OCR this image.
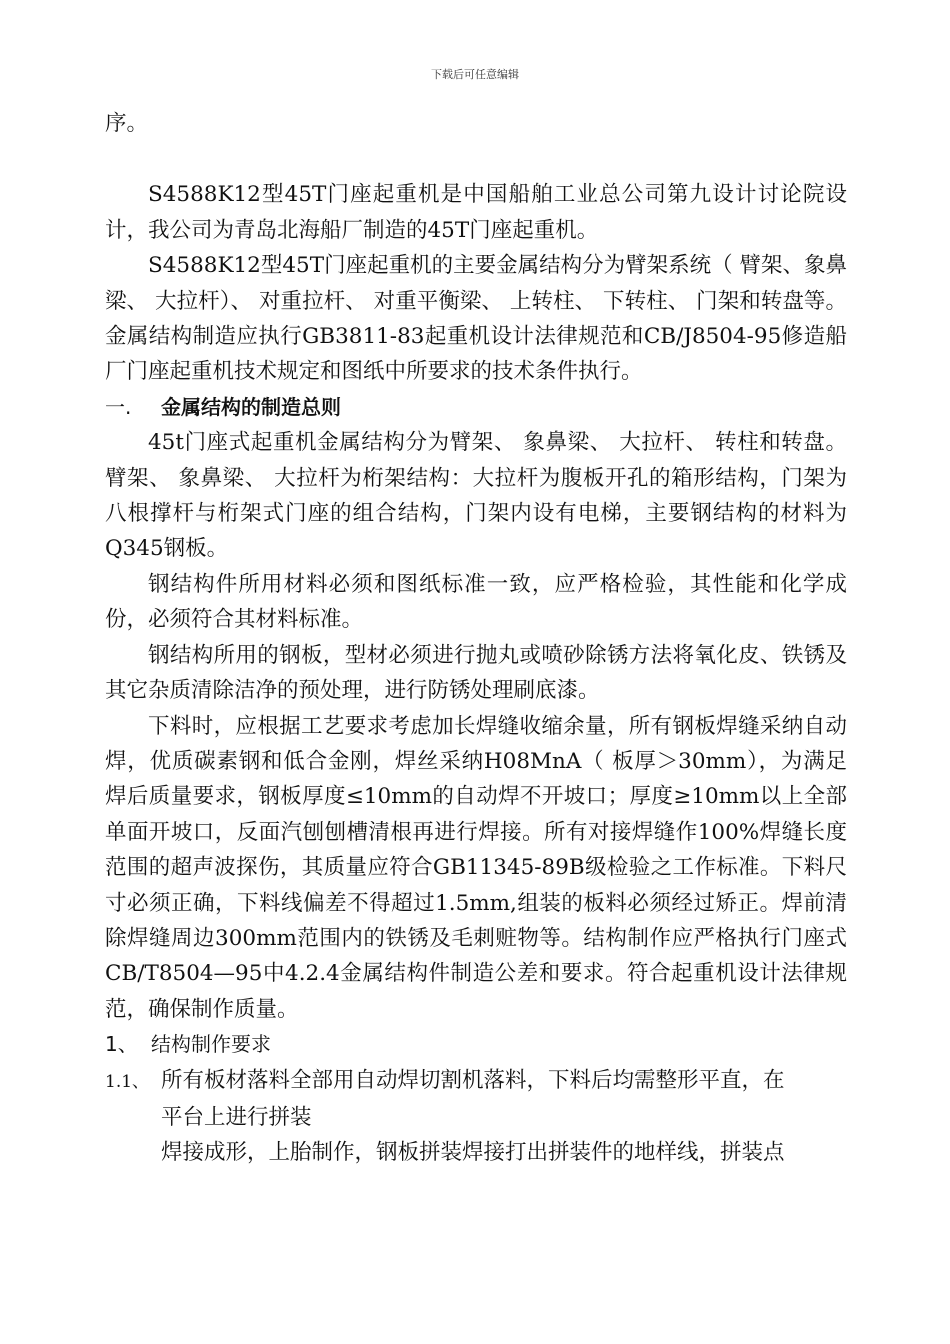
下载后可任意编辑

序。

S4588K12型45T门座起重机是中国船舶工业总公司第九设计讨论院设计，我公司为青岛北海船厂制造的45T门座起重机。

S4588K12型45T门座起重机的主要金属结构分为臂架系统（ 臂架、象鼻梁、 大拉杆）、 对重拉杆、 对重平衡梁、 上转柱、 下转柱、 门架和转盘等。金属结构制造应执行GB3811-83起重机设计法律规范和CB/J8504-95修造船厂门座起重机技术规定和图纸中所要求的技术条件执行。

一. 金属结构的制造总则

45t门座式起重机金属结构分为臂架、 象鼻梁、 大拉杆、 转柱和转盘。臂架、 象鼻梁、 大拉杆为桁架结构：大拉杆为腹板开孔的箱形结构，门架为八根撑杆与桁架式门座的组合结构，门架内设有电梯，主要钢结构的材料为Q345钢板。

钢结构件所用材料必须和图纸标准一致，应严格检验，其性能和化学成份，必须符合其材料标准。

钢结构所用的钢板，型材必须进行抛丸或喷砂除锈方法将氧化皮、铁锈及其它杂质清除洁净的预处理，进行防锈处理刷底漆。

下料时，应根据工艺要求考虑加长焊缝收缩余量，所有钢板焊缝采纳自动焊，优质碳素钢和低合金刚，焊丝采纳H08MnA（ 板厚＞30mm），为满足焊后质量要求，钢板厚度≤10mm的自动焊不开坡口；厚度≥10mm以上全部单面开坡口，反面汽刨刨槽清根再进行焊接。所有对接焊缝作100%焊缝长度范围的超声波探伤，其质量应符合GB11345-89B级检验之工作标准。下料尺寸必须正确，下料线偏差不得超过1.5mm,组装的板料必须经过矫正。焊前清除焊缝周边300mm范围内的铁锈及毛刺赃物等。结构制作应严格执行门座式CB/T8504—95中4.2.4金属结构件制造公差和要求。符合起重机设计法律规范，确保制作质量。

1、 结构制作要求

1.1、 所有板材落料全部用自动焊切割机落料，下料后均需整形平直，在

平台上进行拼装

焊接成形，上胎制作，钢板拼装焊接打出拼装件的地样线，拼装点
